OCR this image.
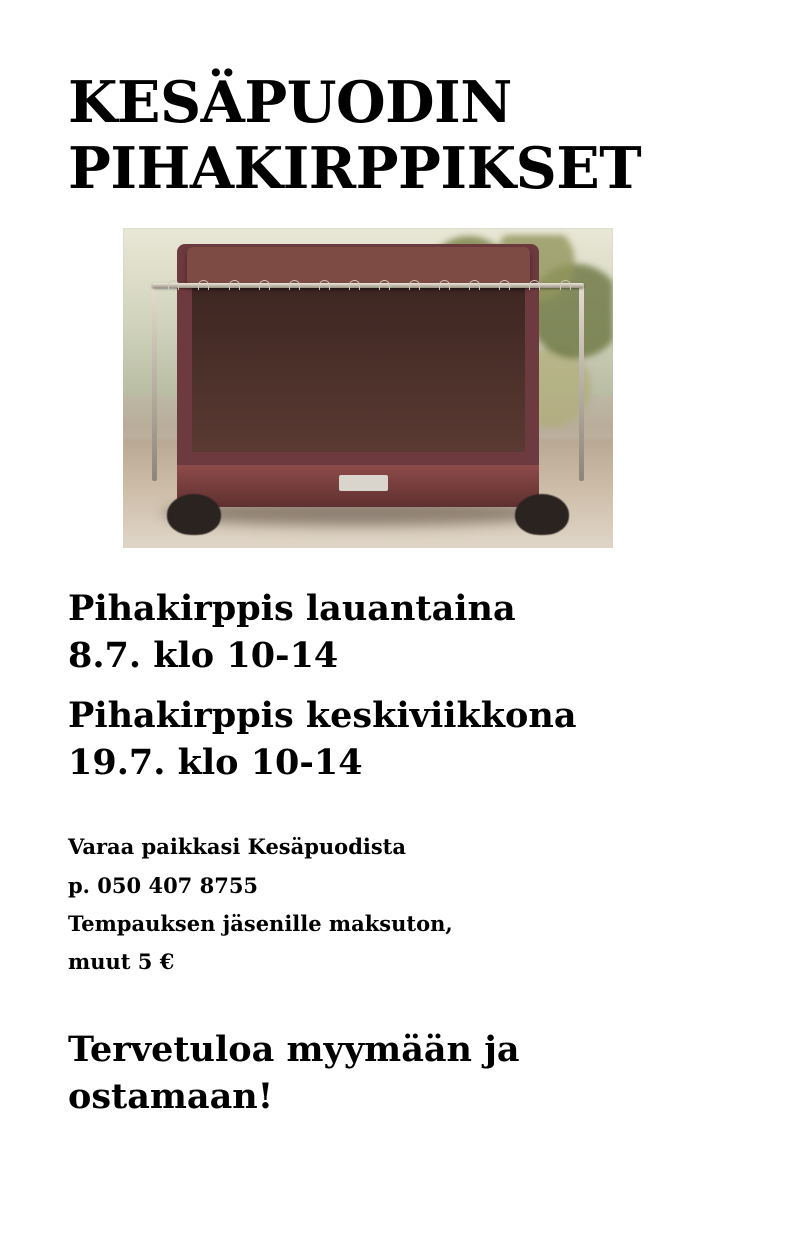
KESÄPUODIN
PIHAKIRPPIKSET
Pihakirppis lauantaina
8.7. klo 10-14
Pihakirppis keskiviikkona
19.7. klo 10-14
Varaa paikkasi Kesäpuodista
p. 050 407 8755
Tempauksen jäsenille maksuton,
muut 5 €
Tervetuloa myymään ja
ostamaan!
